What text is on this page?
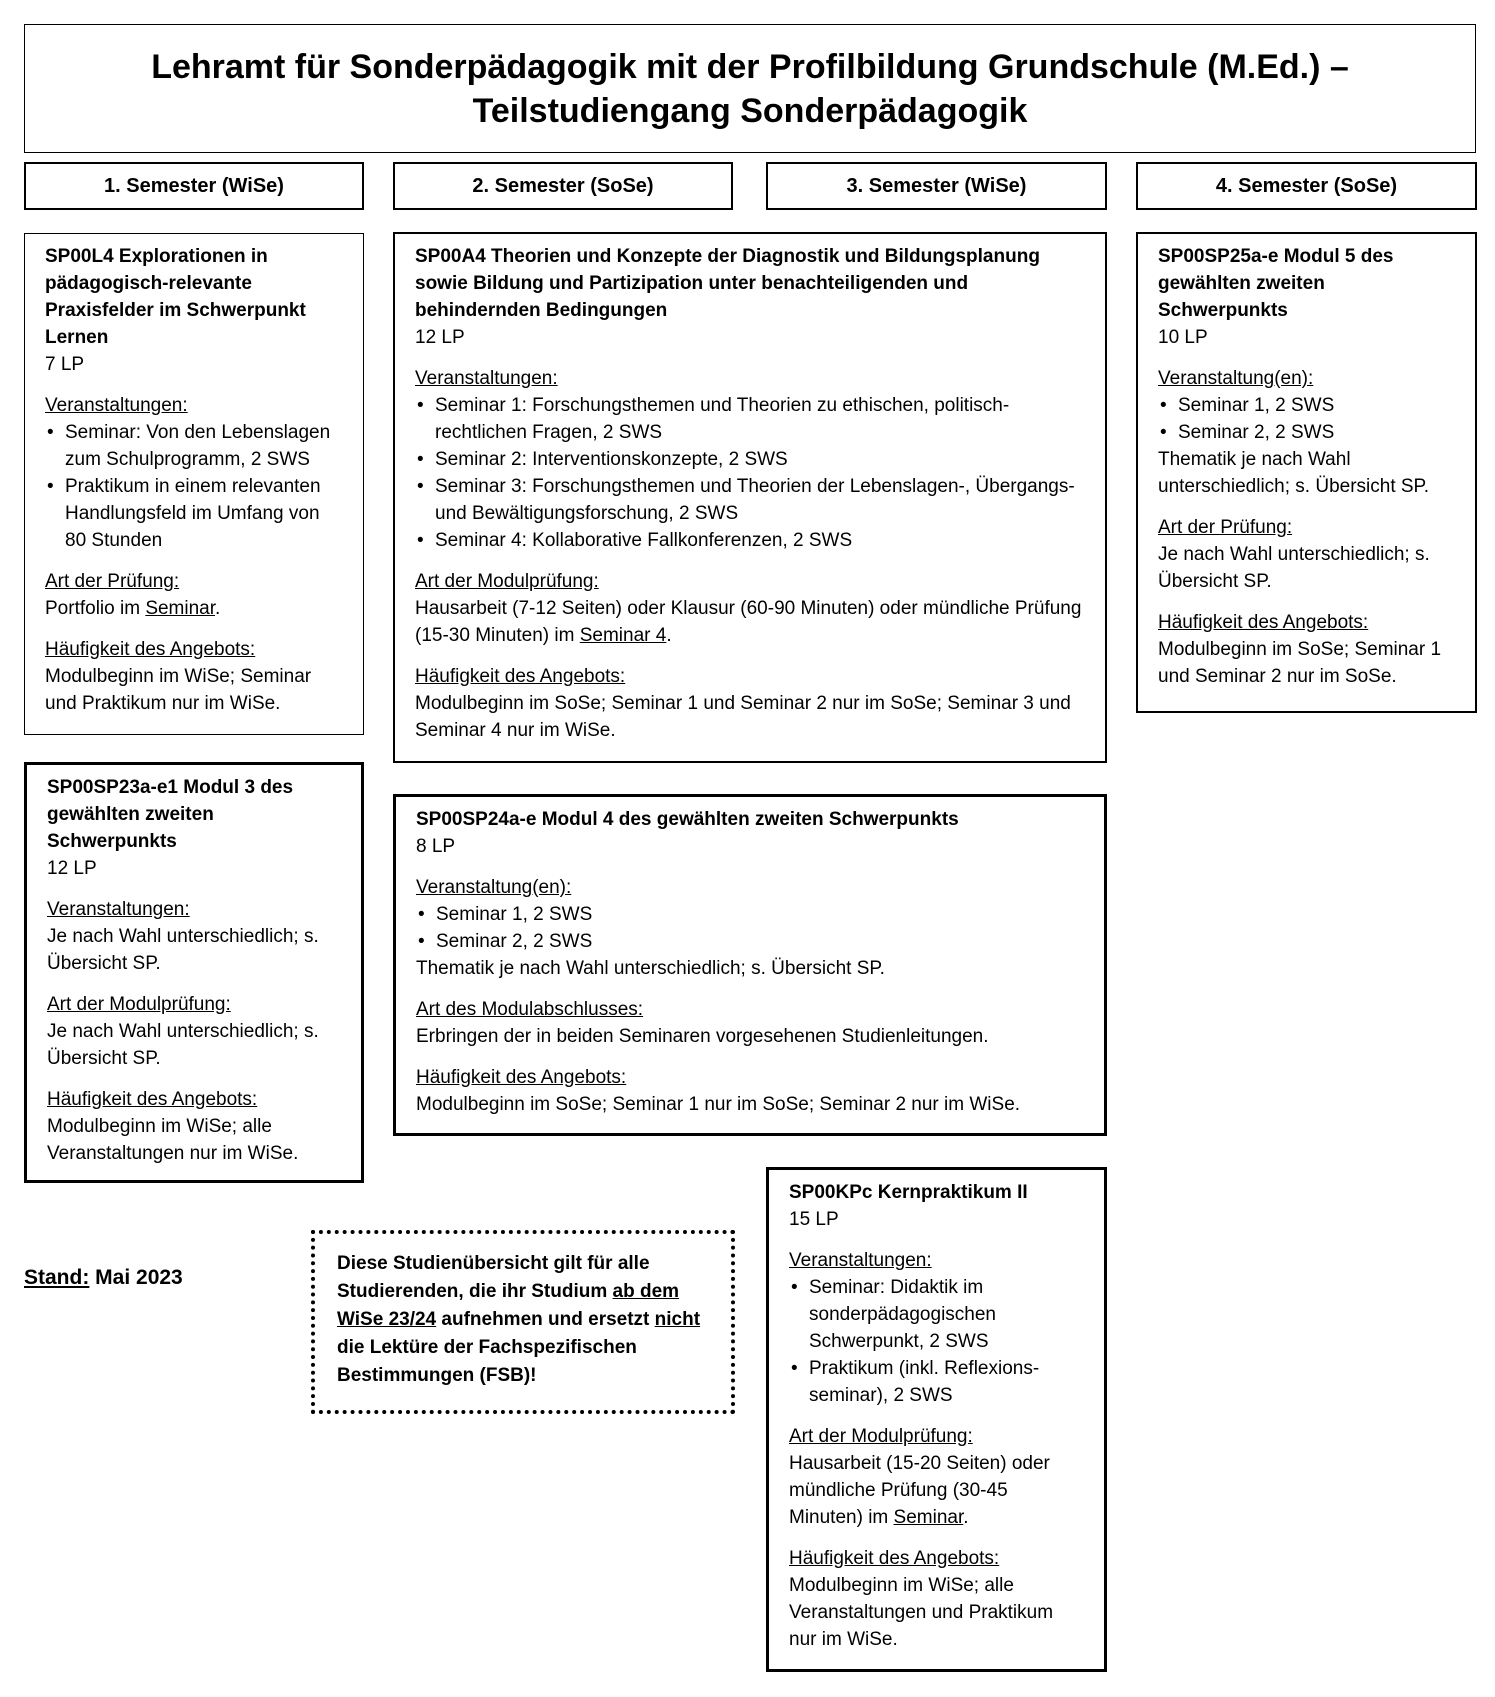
Lehramt für Sonderpädagogik mit der Profilbildung Grundschule (M.Ed.) –
Teilstudiengang Sonderpädagogik
1. Semester (WiSe)	2. Semester (SoSe)	3. Semester (WiSe)	4. Semester (SoSe)
SP00L4 Explorationen in pädagogisch-relevante Praxisfelder im Schwerpunkt Lernen
7 LP
Veranstaltungen:
• Seminar: Von den Lebenslagen zum Schulprogramm, 2 SWS
• Praktikum in einem relevanten Handlungsfeld im Umfang von 80 Stunden
Art der Prüfung:
Portfolio im Seminar.
Häufigkeit des Angebots:
Modulbeginn im WiSe; Seminar und Praktikum nur im WiSe.
SP00SP23a-e1 Modul 3 des gewählten zweiten Schwerpunkts
12 LP
Veranstaltungen:
Je nach Wahl unterschiedlich; s. Übersicht SP.
Art der Modulprüfung:
Je nach Wahl unterschiedlich; s. Übersicht SP.
Häufigkeit des Angebots:
Modulbeginn im WiSe; alle Veranstaltungen nur im WiSe.
SP00A4 Theorien und Konzepte der Diagnostik und Bildungsplanung sowie Bildung und Partizipation unter benachteiligenden und behindernden Bedingungen
12 LP
Veranstaltungen:
• Seminar 1: Forschungsthemen und Theorien zu ethischen, politisch-rechtlichen Fragen, 2 SWS
• Seminar 2: Interventionskonzepte, 2 SWS
• Seminar 3: Forschungsthemen und Theorien der Lebenslagen-, Übergangs- und Bewältigungsforschung, 2 SWS
• Seminar 4: Kollaborative Fallkonferenzen, 2 SWS
Art der Modulprüfung:
Hausarbeit (7-12 Seiten) oder Klausur (60-90 Minuten) oder mündliche Prüfung (15-30 Minuten) im Seminar 4.
Häufigkeit des Angebots:
Modulbeginn im SoSe; Seminar 1 und Seminar 2 nur im SoSe; Seminar 3 und Seminar 4 nur im WiSe.
SP00SP24a-e Modul 4 des gewählten zweiten Schwerpunkts
8 LP
Veranstaltung(en):
• Seminar 1, 2 SWS
• Seminar 2, 2 SWS
Thematik je nach Wahl unterschiedlich; s. Übersicht SP.
Art des Modulabschlusses:
Erbringen der in beiden Seminaren vorgesehenen Studienleitungen.
Häufigkeit des Angebots:
Modulbeginn im SoSe; Seminar 1 nur im SoSe; Seminar 2 nur im WiSe.
SP00KPc Kernpraktikum II
15 LP
Veranstaltungen:
• Seminar: Didaktik im sonderpädagogischen Schwerpunkt, 2 SWS
• Praktikum (inkl. Reflexions-seminar), 2 SWS
Art der Modulprüfung:
Hausarbeit (15-20 Seiten) oder mündliche Prüfung (30-45 Minuten) im Seminar.
Häufigkeit des Angebots:
Modulbeginn im WiSe; alle Veranstaltungen und Praktikum nur im WiSe.
SP00SP25a-e Modul 5 des gewählten zweiten Schwerpunkts
10 LP
Veranstaltung(en):
• Seminar 1, 2 SWS
• Seminar 2, 2 SWS
Thematik je nach Wahl unterschiedlich; s. Übersicht SP.
Art der Prüfung:
Je nach Wahl unterschiedlich; s. Übersicht SP.
Häufigkeit des Angebots:
Modulbeginn im SoSe; Seminar 1 und Seminar 2 nur im SoSe.
Stand: Mai 2023
Diese Studienübersicht gilt für alle Studierenden, die ihr Studium ab dem WiSe 23/24 aufnehmen und ersetzt nicht die Lektüre der Fachspezifischen Bestimmungen (FSB)!
